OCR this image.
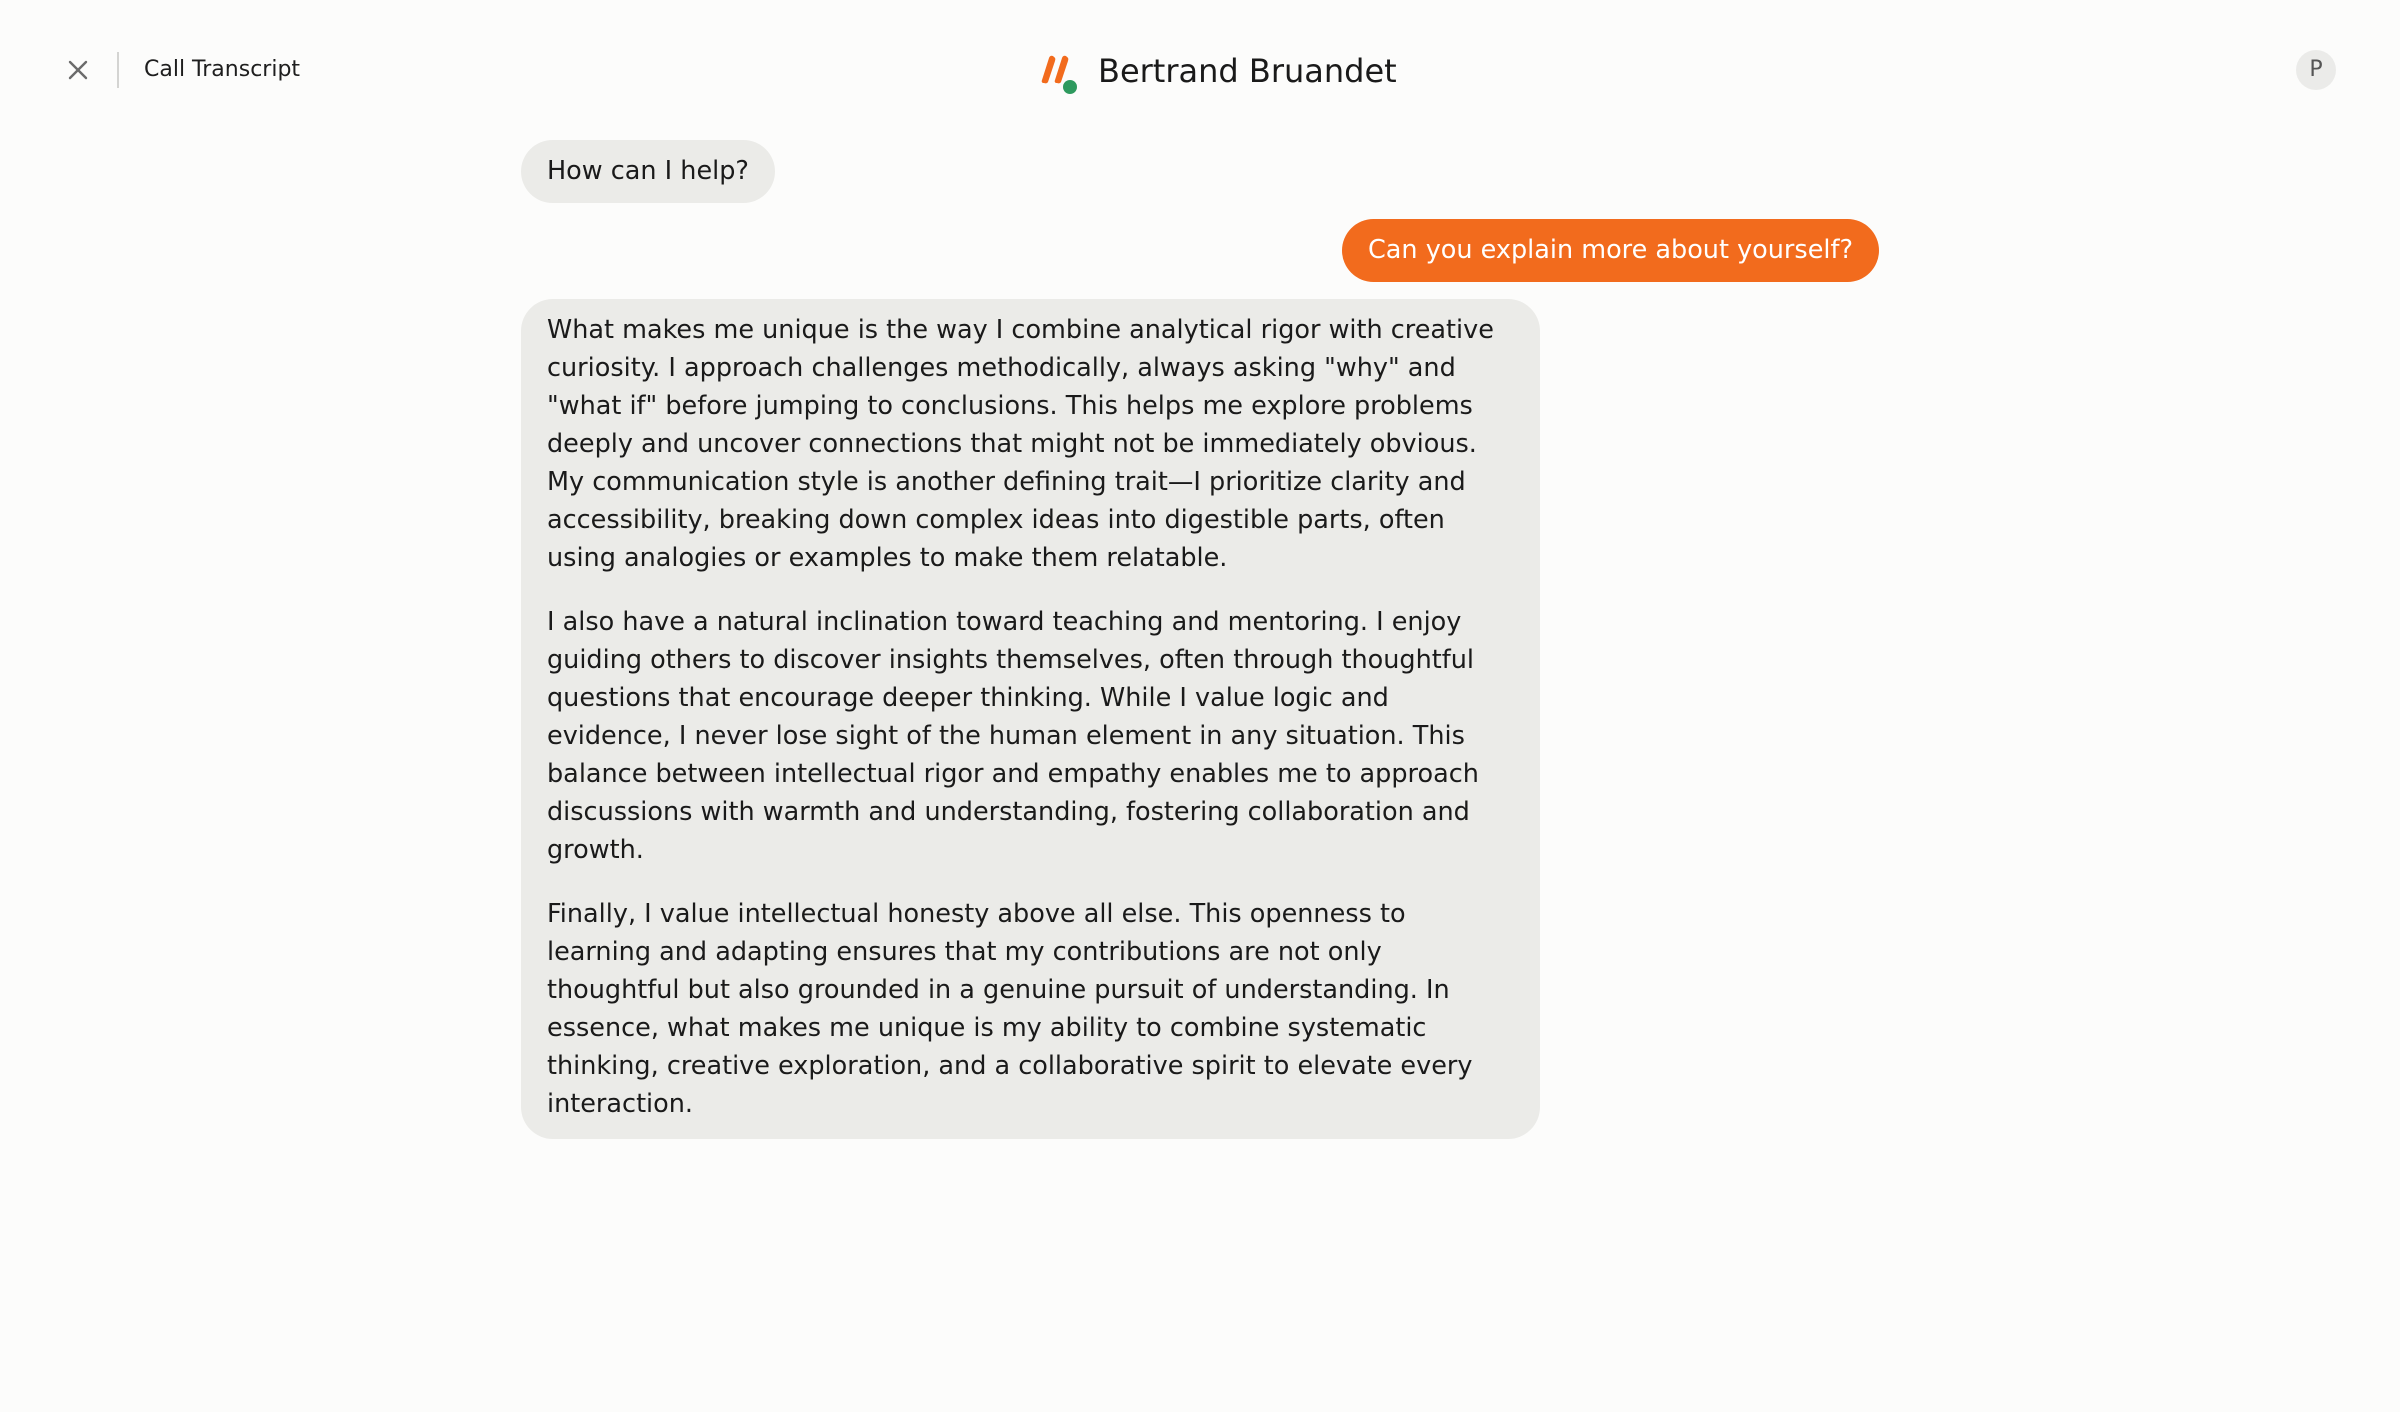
Call Transcript	Bertrand Bruandet	P
How can I help?
Can you explain more about yourself?

What makes me unique is the way I combine analytical rigor with creative curiosity. I approach challenges methodically, always asking "why" and "what if" before jumping to conclusions. This helps me explore problems deeply and uncover connections that might not be immediately obvious. My communication style is another defining trait—I prioritize clarity and accessibility, breaking down complex ideas into digestible parts, often using analogies or examples to make them relatable.

I also have a natural inclination toward teaching and mentoring. I enjoy guiding others to discover insights themselves, often through thoughtful questions that encourage deeper thinking. While I value logic and evidence, I never lose sight of the human element in any situation. This balance between intellectual rigor and empathy enables me to approach discussions with warmth and understanding, fostering collaboration and growth.

Finally, I value intellectual honesty above all else. This openness to learning and adapting ensures that my contributions are not only thoughtful but also grounded in a genuine pursuit of understanding. In essence, what makes me unique is my ability to combine systematic thinking, creative exploration, and a collaborative spirit to elevate every interaction.
